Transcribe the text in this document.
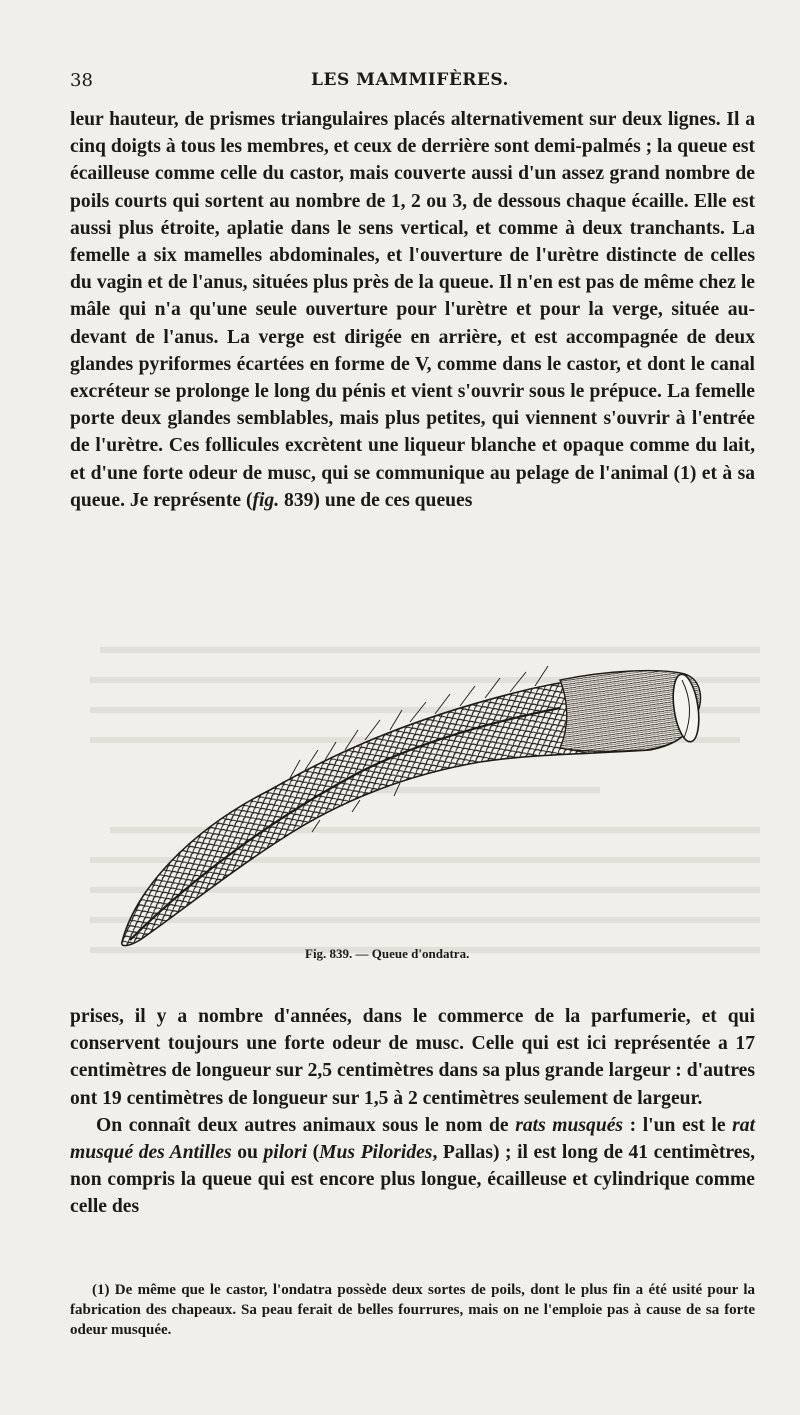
38	LES MAMMIFÈRES.

leur hauteur, de prismes triangulaires placés alternativement sur deux lignes. Il a cinq doigts à tous les membres, et ceux de derrière sont demi-palmés ; la queue est écailleuse comme celle du castor, mais couverte aussi d'un assez grand nombre de poils courts qui sortent au nombre de 1, 2 ou 3, de dessous chaque écaille. Elle est aussi plus étroite, aplatie dans le sens vertical, et comme à deux tranchants. La femelle a six mamelles abdominales, et l'ouverture de l'urètre distincte de celles du vagin et de l'anus, situées plus près de la queue. Il n'en est pas de même chez le mâle qui n'a qu'une seule ouverture pour l'urètre et pour la verge, située au-devant de l'anus. La verge est dirigée en arrière, et est accompagnée de deux glandes pyriformes écartées en forme de V, comme dans le castor, et dont le canal excréteur se prolonge le long du pénis et vient s'ouvrir sous le prépuce. La femelle porte deux glandes semblables, mais plus petites, qui viennent s'ouvrir à l'entrée de l'urètre. Ces follicules excrètent une liqueur blanche et opaque comme du lait, et d'une forte odeur de musc, qui se communique au pelage de l'animal (1) et à sa queue. Je représente (fig. 839) une de ces queues

Fig. 839. — Queue d'ondatra.

prises, il y a nombre d'années, dans le commerce de la parfumerie, et qui conservent toujours une forte odeur de musc. Celle qui est ici représentée a 17 centimètres de longueur sur 2,5 centimètres dans sa plus grande largeur : d'autres ont 19 centimètres de longueur sur 1,5 à 2 centimètres seulement de largeur.

On connaît deux autres animaux sous le nom de rats musqués : l'un est le rat musqué des Antilles ou pilori (Mus Pilorides, Pallas) ; il est long de 41 centimètres, non compris la queue qui est encore plus longue, écailleuse et cylindrique comme celle des

(1) De même que le castor, l'ondatra possède deux sortes de poils, dont le plus fin a été usité pour la fabrication des chapeaux. Sa peau ferait de belles fourrures, mais on ne l'emploie pas à cause de sa forte odeur musquée.
